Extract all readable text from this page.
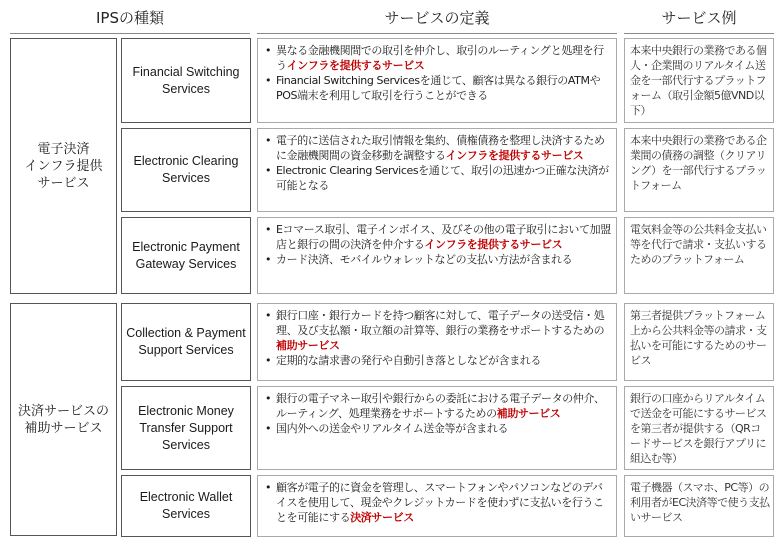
IPSの種類	サービスの定義	サービス例
電子決済
インフラ提供
サービス
決済サービスの
補助サービス
Financial Switching Services
Electronic Clearing Services
Electronic Payment Gateway Services
Collection & Payment Support Services
Electronic Money Transfer Support Services
Electronic Wallet Services
• 異なる金融機関間での取引を仲介し、取引のルーティングと処理を行うインフラを提供するサービス
• Financial Switching Servicesを通じて、顧客は異なる銀行のATMやPOS端末を利用して取引を行うことができる
• 電子的に送信された取引情報を集約、債権債務を整理し決済するために金融機関間の資金移動を調整するインフラを提供するサービス
• Electronic Clearing Servicesを通じて、取引の迅速かつ正確な決済が可能となる
• Eコマース取引、電子インボイス、及びその他の電子取引において加盟店と銀行の間の決済を仲介するインフラを提供するサービス
• カード決済、モバイルウォレットなどの支払い方法が含まれる
• 銀行口座・銀行カードを持つ顧客に対して、電子データの送受信・処理、及び支払額・取立額の計算等、銀行の業務をサポートするための補助サービス
• 定期的な請求書の発行や自動引き落としなどが含まれる
• 銀行の電子マネー取引や銀行からの委託における電子データの仲介、ルーティング、処理業務をサポートするための補助サービス
• 国内外への送金やリアルタイム送金等が含まれる
• 顧客が電子的に資金を管理し、スマートフォンやパソコンなどのデバイスを使用して、現金やクレジットカードを使わずに支払いを行うことを可能にする決済サービス
本来中央銀行の業務である個人・企業間のリアルタイム送金を一部代行するプラットフォーム（取引金額5億VND以下）
本来中央銀行の業務である企業間の債務の調整（クリアリング）を一部代行するプラットフォーム
電気料金等の公共料金支払い等を代行で請求・支払いするためのプラットフォーム
第三者提供プラットフォーム上から公共料金等の請求・支払いを可能にするためのサービス
銀行の口座からリアルタイムで送金を可能にするサービスを第三者が提供する（QRコードサービスを銀行アプリに組込む等）
電子機器（スマホ、PC等）の利用者がEC決済等で使う支払いサービス
